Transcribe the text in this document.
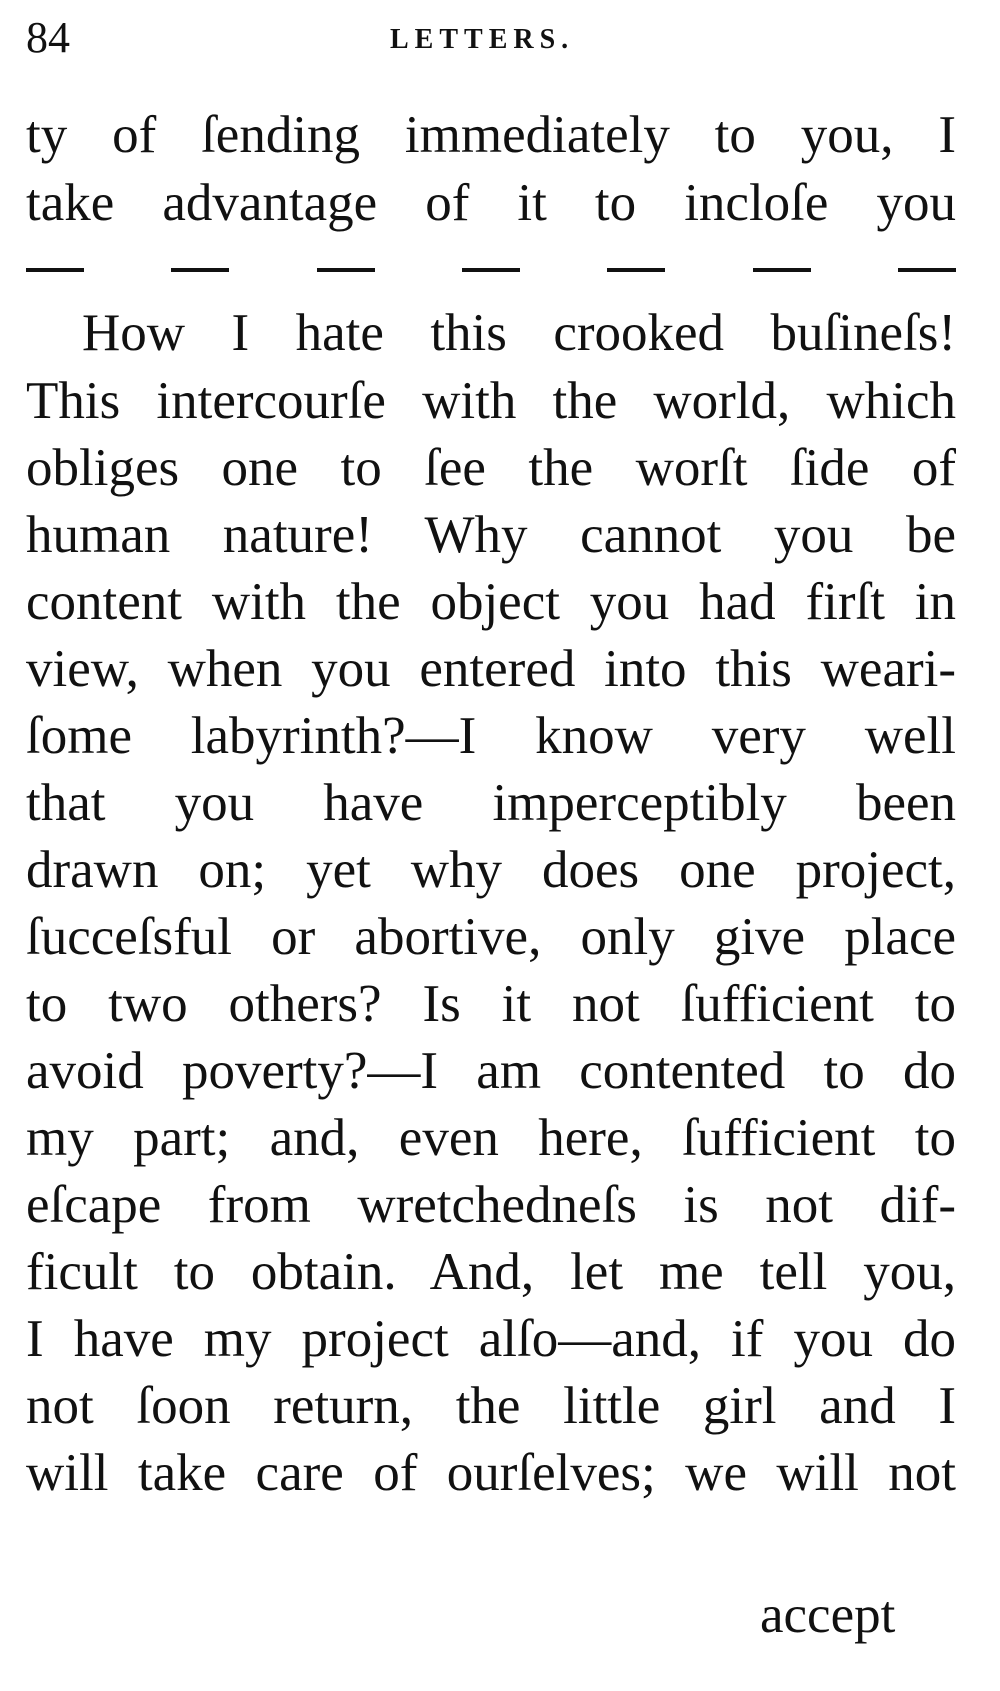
84	LETTERS.
ty of ſending immediately to you, I
take advantage of it to incloſe you
How I hate this crooked buſineſs!
This intercourſe with the world, which
obliges one to ſee the worſt ſide of
human nature! Why cannot you be
content with the object you had firſt in
view, when you entered into this weari-
ſome labyrinth?—I know very well
that you have imperceptibly been
drawn on; yet why does one project,
ſucceſsful or abortive, only give place
to two others? Is it not ſufficient to
avoid poverty?—I am contented to do
my part; and, even here, ſufficient to
eſcape from wretchedneſs is not dif-
ficult to obtain. And, let me tell you,
I have my project alſo—and, if you do
not ſoon return, the little girl and I
will take care of ourſelves; we will not
accept
